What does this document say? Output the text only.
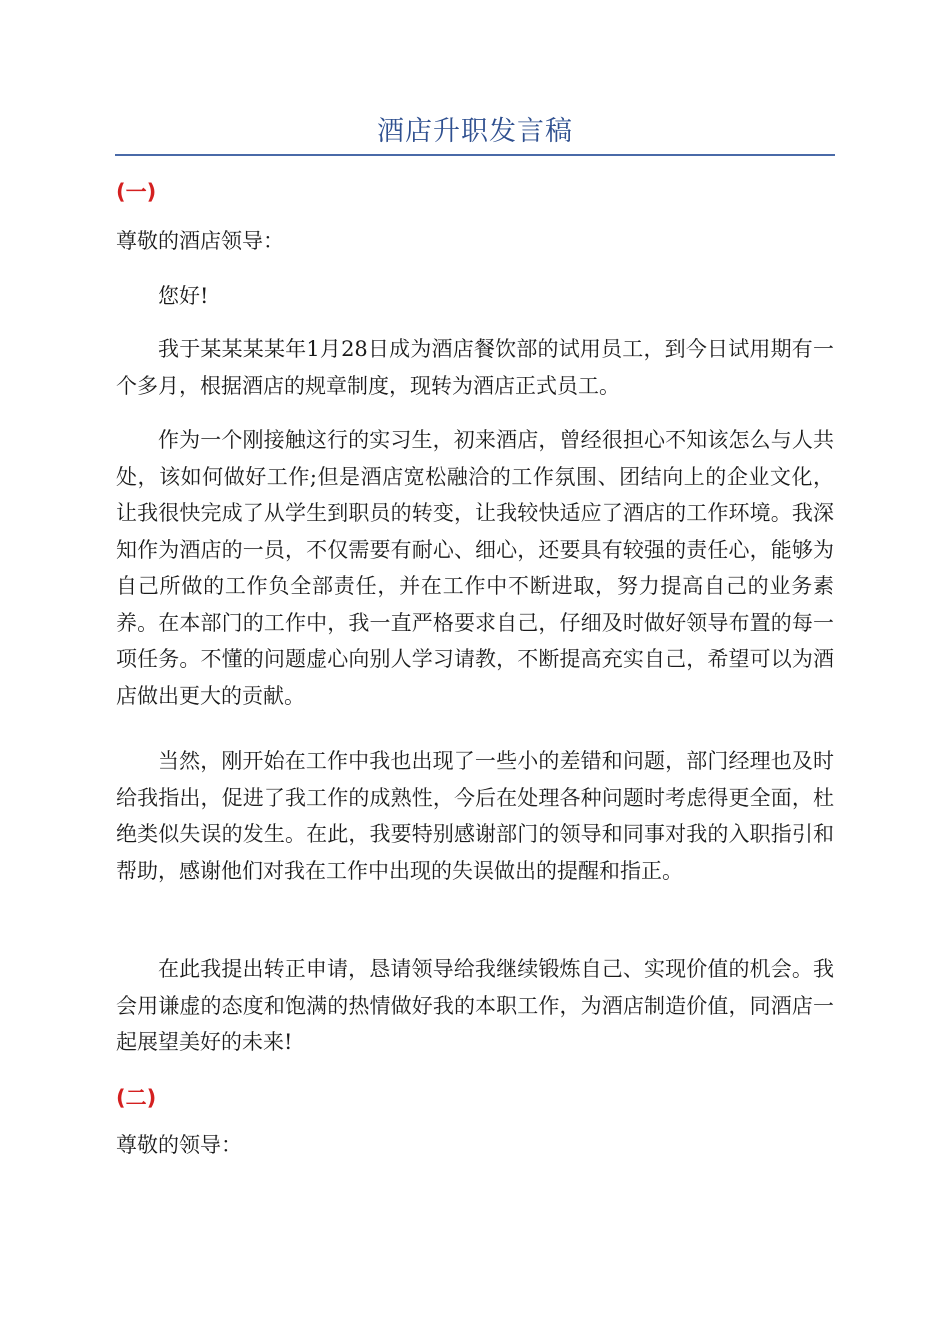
酒店升职发言稿
(一)

尊敬的酒店领导：

您好!

我于某某某某年1月28日成为酒店餐饮部的试用员工，到今日试用期有一个多月，根据酒店的规章制度，现转为酒店正式员工。

作为一个刚接触这行的实习生，初来酒店，曾经很担心不知该怎么与人共处，该如何做好工作;但是酒店宽松融洽的工作氛围、团结向上的企业文化，让我很快完成了从学生到职员的转变，让我较快适应了酒店的工作环境。我深知作为酒店的一员，不仅需要有耐心、细心，还要具有较强的责任心，能够为自己所做的工作负全部责任，并在工作中不断进取，努力提高自己的业务素养。在本部门的工作中，我一直严格要求自己，仔细及时做好领导布置的每一项任务。不懂的问题虚心向别人学习请教，不断提高充实自己，希望可以为酒店做出更大的贡献。

当然，刚开始在工作中我也出现了一些小的差错和问题，部门经理也及时给我指出，促进了我工作的成熟性，今后在处理各种问题时考虑得更全面，杜绝类似失误的发生。在此，我要特别感谢部门的领导和同事对我的入职指引和帮助，感谢他们对我在工作中出现的失误做出的提醒和指正。

在此我提出转正申请，恳请领导给我继续锻炼自己、实现价值的机会。我会用谦虚的态度和饱满的热情做好我的本职工作，为酒店制造价值，同酒店一起展望美好的未来!

(二)

尊敬的领导：
